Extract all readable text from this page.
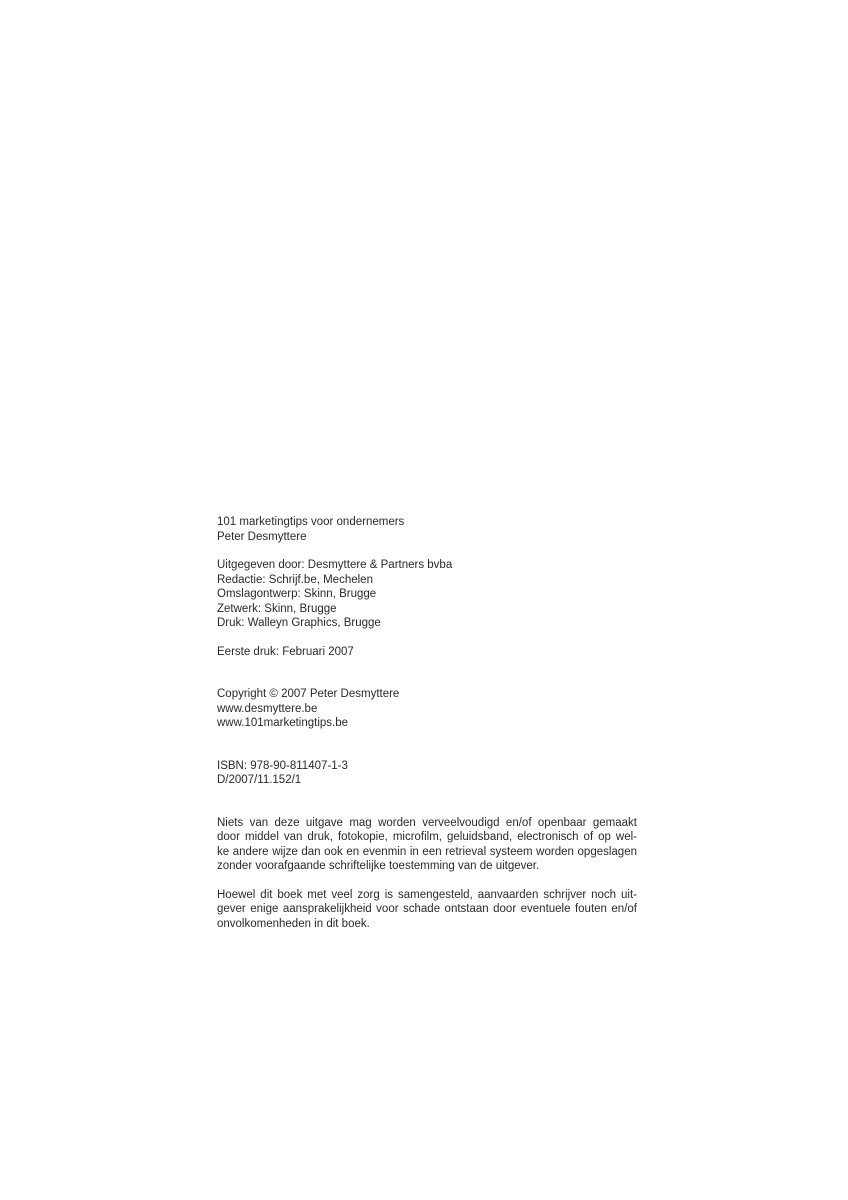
101 marketingtips voor ondernemers
Peter Desmyttere
Uitgegeven door: Desmyttere & Partners bvba
Redactie: Schrijf.be, Mechelen
Omslagontwerp: Skinn, Brugge
Zetwerk: Skinn, Brugge
Druk: Walleyn Graphics, Brugge
Eerste druk: Februari 2007
Copyright © 2007 Peter Desmyttere
www.desmyttere.be
www.101marketingtips.be
ISBN: 978-90-811407-1-3
D/2007/11.152/1
Niets van deze uitgave mag worden verveelvoudigd en/of openbaar gemaakt
door middel van druk, fotokopie, microfilm, geluidsband, electronisch of op wel-
ke andere wijze dan ook en evenmin in een retrieval systeem worden opgeslagen
zonder voorafgaande schriftelijke toestemming van de uitgever.
Hoewel dit boek met veel zorg is samengesteld, aanvaarden schrijver noch uit-
gever enige aansprakelijkheid voor schade ontstaan door eventuele fouten en/of
onvolkomenheden in dit boek.
